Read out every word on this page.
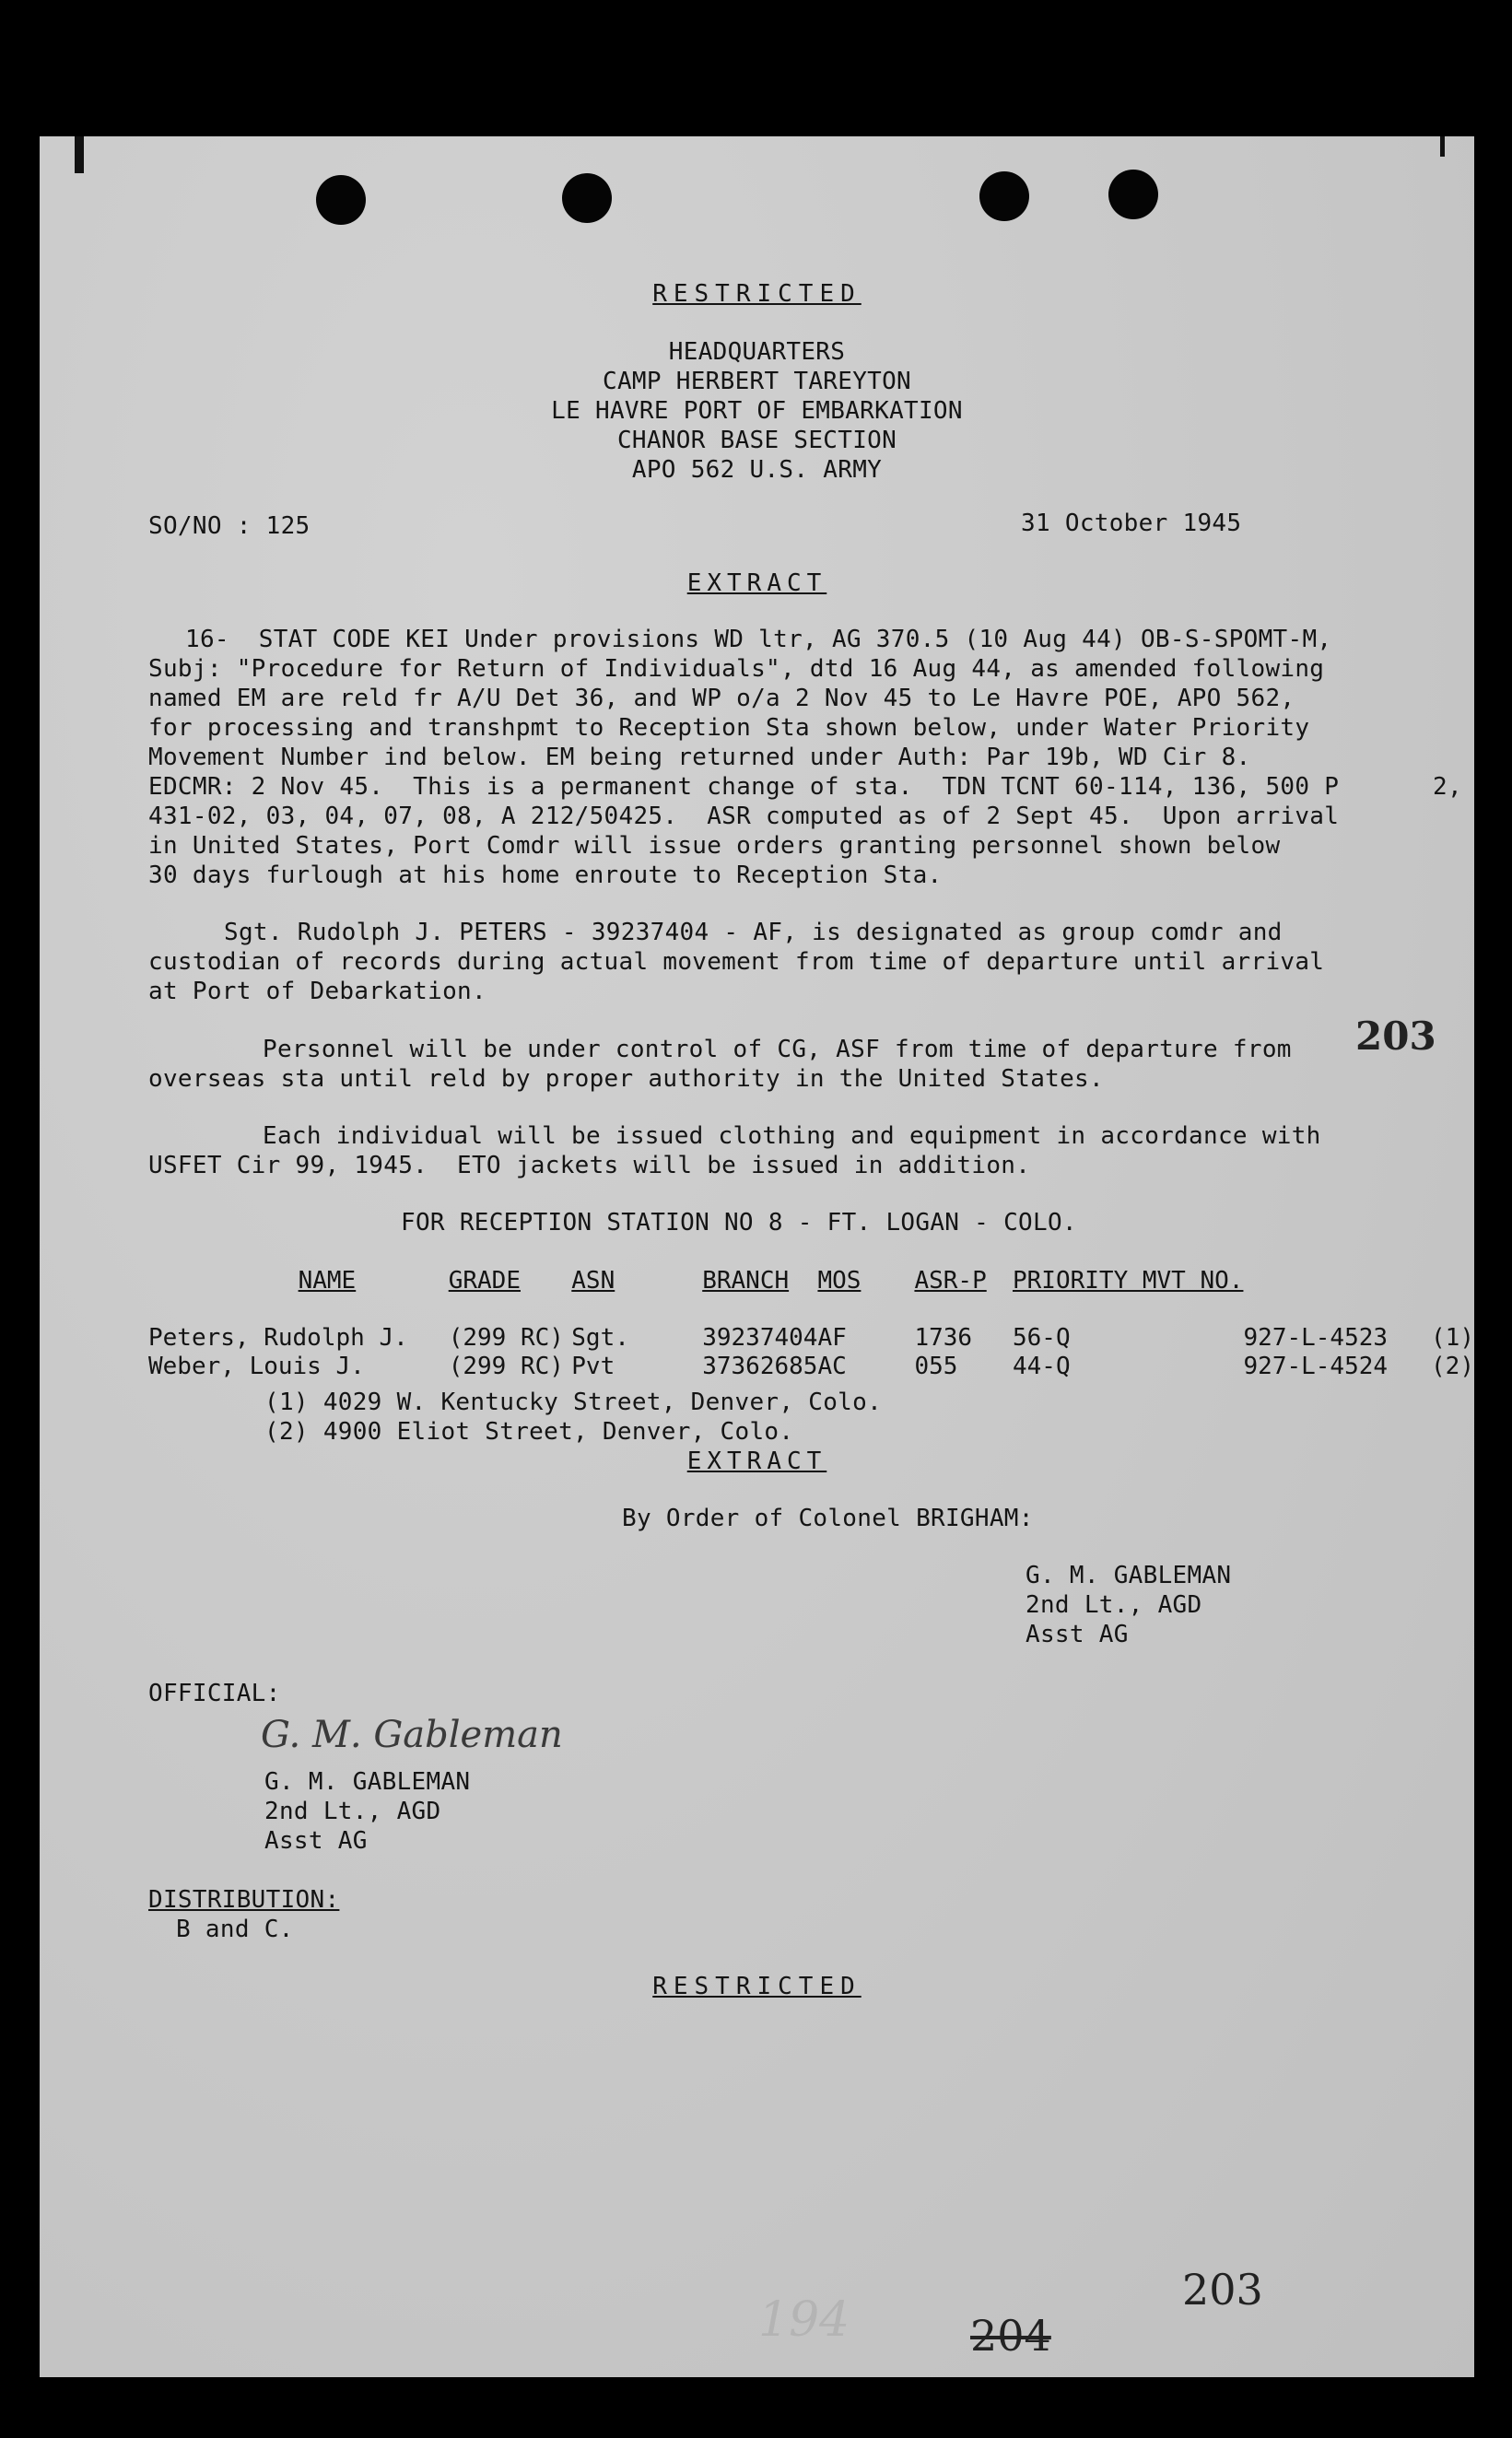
RESTRICTED
HEADQUARTERS
CAMP HERBERT TAREYTON
LE HAVRE PORT OF EMBARKATION
CHANOR BASE SECTION
APO 562 U.S. ARMY
SO/NO : 125	31 October 1945
EXTRACT
16-  STAT CODE KEI Under provisions WD ltr, AG 370.5 (10 Aug 44) OB-S-SPOMT-M,
Subj: "Procedure for Return of Individuals", dtd 16 Aug 44, as amended following
named EM are reld fr A/U Det 36, and WP o/a 2 Nov 45 to Le Havre POE, APO 562,
for processing and transhpmt to Reception Sta shown below, under Water Priority
Movement Number ind below. EM being returned under Auth: Par 19b, WD Cir 8.
EDCMR: 2 Nov 45.  This is a permanent change of sta.  TDN TCNT 60-114, 136, 500 P	2,
431-02, 03, 04, 07, 08, A 212/50425.  ASR computed as of 2 Sept 45.  Upon arrival
in United States, Port Comdr will issue orders granting personnel shown below
30 days furlough at his home enroute to Reception Sta.
Sgt. Rudolph J. PETERS - 39237404 - AF, is designated as group comdr and
custodian of records during actual movement from time of departure until arrival
at Port of Debarkation.
Personnel will be under control of CG, ASF from time of departure from
overseas sta until reld by proper authority in the United States.
203
Each individual will be issued clothing and equipment in accordance with
USFET Cir 99, 1945.  ETO jackets will be issued in addition.
FOR RECEPTION STATION NO 8 - FT. LOGAN - COLO.
	NAME	GRADE	ASN	BRANCH	MOS	ASR-P	PRIORITY MVT NO.	

Peters, Rudolph J.		(299 RC)	Sgt.	39237404	AF	1736	56-Q	927-L-4523 (1)
Weber, Louis J.		(299 RC)	Pvt	37362685	AC	055	44-Q	927-L-4524 (2)
(1) 4029 W. Kentucky Street, Denver, Colo.
(2) 4900 Eliot Street, Denver, Colo.
EXTRACT
By Order of Colonel BRIGHAM:
G. M. GABLEMAN
2nd Lt., AGD
Asst AG
OFFICIAL:
G. M. Gableman
G. M. GABLEMAN
2nd Lt., AGD
Asst AG
DISTRIBUTION:
B and C.
RESTRICTED
194	204
203
